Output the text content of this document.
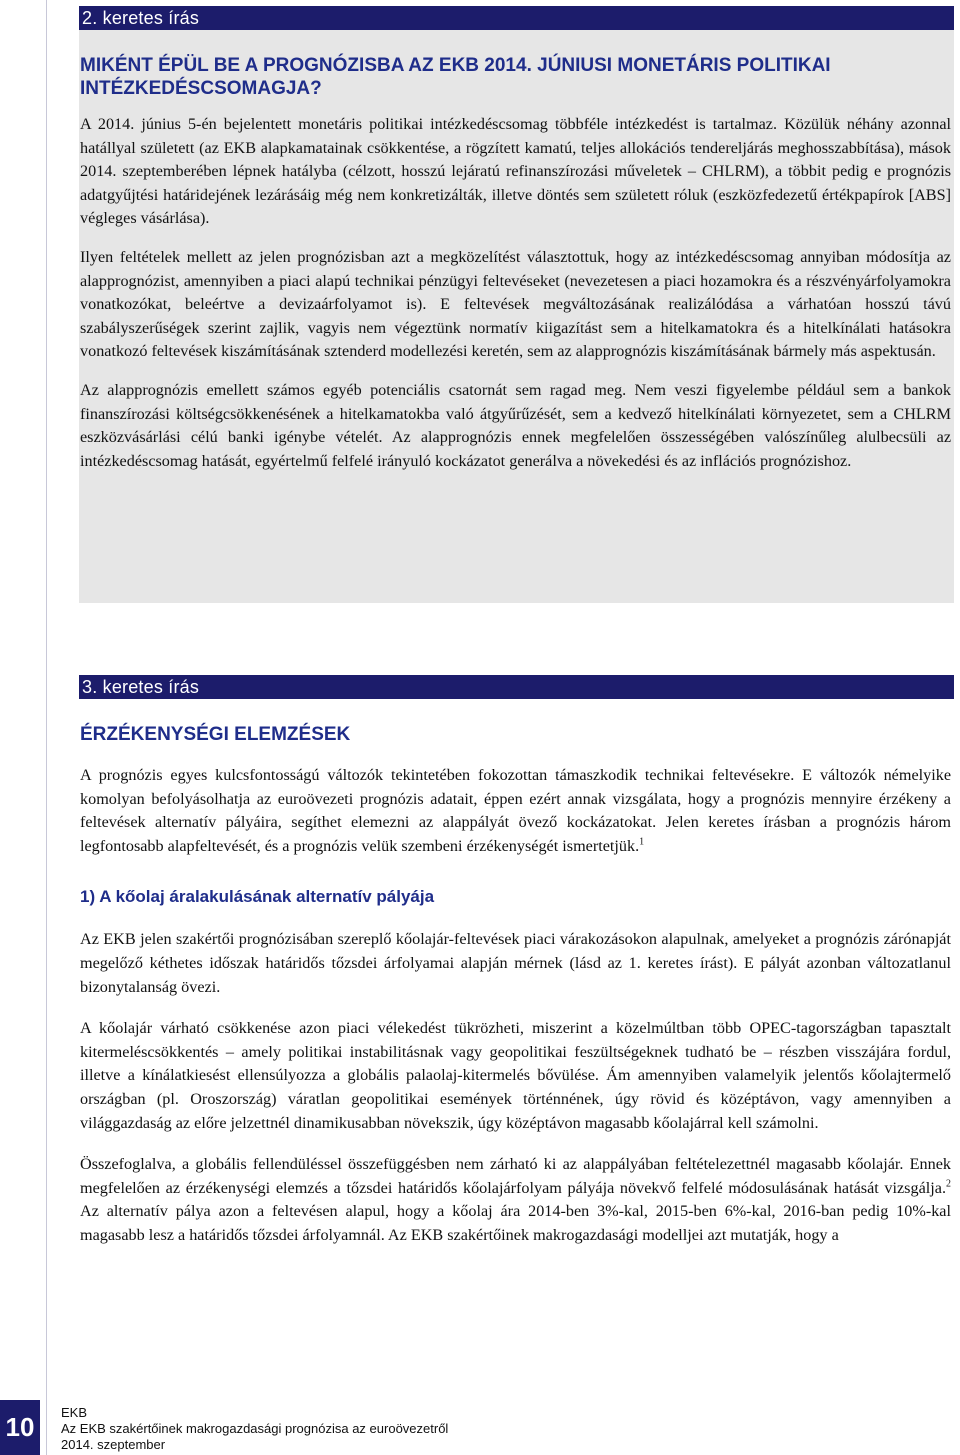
2. keretes írás
MIKÉNT ÉPÜL BE A PROGNÓZISBA AZ EKB 2014. JÚNIUSI MONETÁRIS POLITIKAI
INTÉZKEDÉSCSOMAGJA?

A 2014. június 5-én bejelentett monetáris politikai intézkedéscsomag többféle intézkedést is tartalmaz. Közülük néhány azonnal hatállyal született (az EKB alapkamatainak csökkentése, a rögzített kamatú, teljes allokációs tendereljárás meghosszabbítása), mások 2014. szeptemberében lépnek hatályba (célzott, hosszú lejáratú refinanszírozási műveletek – CHLRM), a többit pedig e prognózis adatgyűjtési határidejének lezárásáig még nem konkretizálták, illetve döntés sem született róluk (eszközfedezetű értékpapírok [ABS] végleges vásárlása).

Ilyen feltételek mellett az jelen prognózisban azt a megközelítést választottuk, hogy az intézkedéscsomag annyiban módosítja az alapprognózist, amennyiben a piaci alapú technikai pénzügyi feltevéseket (nevezetesen a piaci hozamokra és a részvényárfolyamokra vonatkozókat, beleértve a devizaárfolyamot is). E feltevések megváltozásának realizálódása a várhatóan hosszú távú szabályszerűségek szerint zajlik, vagyis nem végeztünk normatív kiigazítást sem a hitelkamatokra és a hitelkínálati hatásokra vonatkozó feltevések kiszámításának sztenderd modellezési keretén, sem az alapprognózis kiszámításának bármely más aspektusán.

Az alapprognózis emellett számos egyéb potenciális csatornát sem ragad meg. Nem veszi figyelembe például sem a bankok finanszírozási költségcsökkenésének a hitelkamatokba való átgyűrűzését, sem a kedvező hitelkínálati környezetet, sem a CHLRM eszközvásárlási célú banki igénybe vételét. Az alapprognózis ennek megfelelően összességében valószínűleg alulbecsüli az intézkedéscsomag hatását, egyértelmű felfelé irányuló kockázatot generálva a növekedési és az inflációs prognózishoz.

3. keretes írás
ÉRZÉKENYSÉGI ELEMZÉSEK

A prognózis egyes kulcsfontosságú változók tekintetében fokozottan támaszkodik technikai feltevésekre. E változók némelyike komolyan befolyásolhatja az euroövezeti prognózis adatait, éppen ezért annak vizsgálata, hogy a prognózis mennyire érzékeny a feltevések alternatív pályáira, segíthet elemezni az alappályát övező kockázatokat. Jelen keretes írásban a prognózis három legfontosabb alapfeltevését, és a prognózis velük szembeni érzékenységét ismertetjük.$^1$

1) A kőolaj áralakulásának alternatív pályája

Az EKB jelen szakértői prognózisában szereplő kőolajár-feltevések piaci várakozásokon alapulnak, amelyeket a prognózis zárónapját megelőző kéthetes időszak határidős tőzsdei árfolyamai alapján mérnek (lásd az 1. keretes írást). E pályát azonban változatlanul bizonytalanság övezi.

A kőolajár várható csökkenése azon piaci vélekedést tükrözheti, miszerint a közelmúltban több OPEC-tagországban tapasztalt kitermeléscsökkentés – amely politikai instabilitásnak vagy geopolitikai feszültségeknek tudható be – részben visszájára fordul, illetve a kínálatkiesést ellensúlyozza a globális palaolaj-kitermelés bővülése. Ám amennyiben valamelyik jelentős kőolajtermelő országban (pl. Oroszország) váratlan geopolitikai események történnének, úgy rövid és középtávon, vagy amennyiben a világgazdaság az előre jelzettnél dinamikusabban növekszik, úgy középtávon magasabb kőolajárral kell számolni.

Összefoglalva, a globális fellendüléssel összefüggésben nem zárható ki az alappályában feltételezettnél magasabb kőolajár. Ennek megfelelően az érzékenységi elemzés a tőzsdei határidős kőolajárfolyam pályája növekvő felfelé módosulásának hatását vizsgálja.$^2$ Az alternatív pálya azon a feltevésen alapul, hogy a kőolaj ára 2014-ben 3%-kal, 2015-ben 6%-kal, 2016-ban pedig 10%-kal magasabb lesz a határidős tőzsdei árfolyamnál. Az EKB szakértőinek makrogazdasági modelljei azt mutatják, hogy a

10	EKB
Az EKB szakértőinek makrogazdasági prognózisa az euroövezetről
2014. szeptember
